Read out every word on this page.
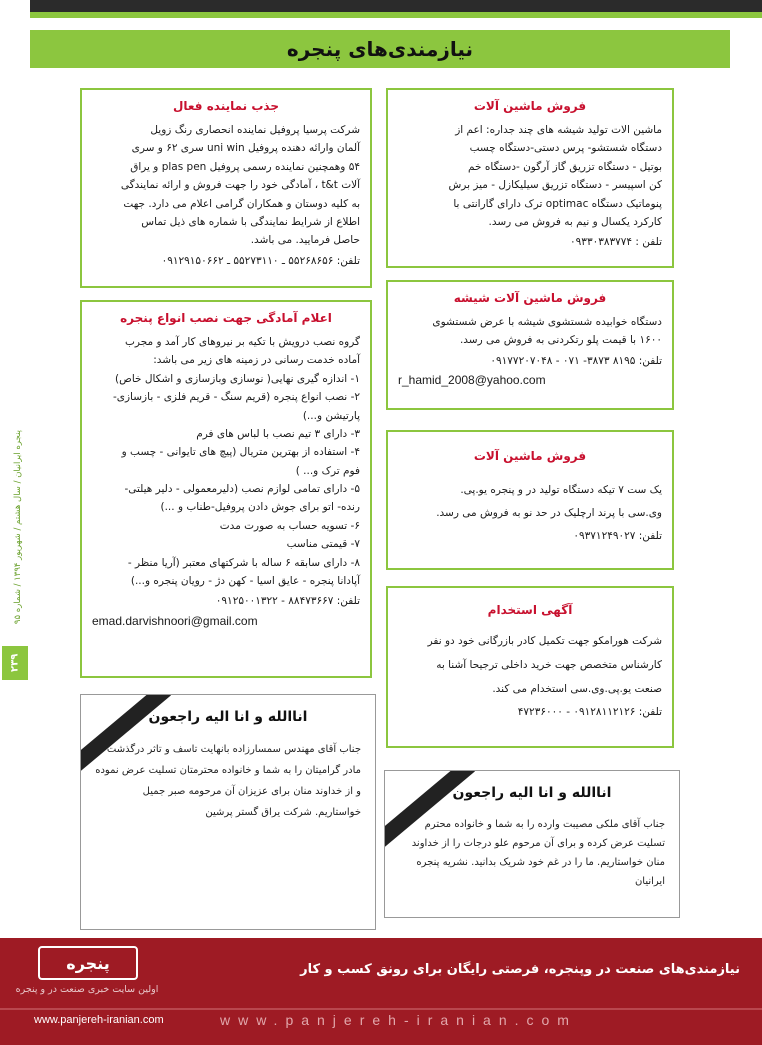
نیازمندی‌های پنجره
جذب نماینده فعال
شرکت پرسیا پروفیل نماینده انحصاری رنگ زویل
آلمان وارائه دهنده پروفیل uni win سری ۶۲ و سری
۵۴ وهمچنین نماینده رسمی پروفیل plas pen و یراق
آلات t&t ، آمادگی خود را جهت فروش و ارائه نمایندگی
به کلیه دوستان و همکاران گرامی اعلام می دارد. جهت
اطلاع از شرایط نمایندگی با شماره های ذیل تماس
حاصل فرمایید. می باشد.
تلفن: ۵۵۲۶۸۶۵۶ ـ ۵۵۲۷۳۱۱۰ ـ ۰۹۱۲۹۱۵۰۶۶۲
اعلام آمادگی جهت نصب انواع پنجره
گروه نصب درویش با تکیه بر نیروهای کار آمد و مجرب
آماده خدمت رسانی در زمینه های زیر می باشد:
۱- اندازه گیری نهایی( نوسازی وبازسازی و اشکال خاص)
۲- نصب انواع پنجره (قریم سنگ - قریم فلزی - بازسازی-
پارتیشن و...)
۳- دارای ۳ تیم نصب با لباس های فرم
۴- استفاده از بهترین متریال (پیچ های تایوانی - چسب و
فوم ترک و... )
۵- دارای تمامی لوازم نصب (دلیرمعمولی - دلیر هیلتی-
رنده- اتو برای جوش دادن پروفیل-طناب و ...)
۶- تسویه حساب به صورت مدت
۷- قیمتی مناسب
۸- دارای سابقه ۶ ساله با شرکتهای معتبر (آریا منظر -
آپادانا پنجره - عایق اسیا - کهن دژ - رویان پنجره و...)
تلفن: ۸۸۴۷۳۶۶۷ - ۰۹۱۲۵۰۰۱۳۲۲
emad.darvishnoori@gmail.com
فروش ماشین آلات
ماشین الات تولید شیشه های چند جداره: اعم از
دستگاه شستشو- پرس دستی-دستگاه چسب
بوتیل - دستگاه تزریق گاز آرگون -دستگاه خم
کن اسپیسر - دستگاه تزریق سیلیکازل - میز برش
پنوماتیک دستگاه optimac ترک دارای گارانتی با
کارکرد یکسال و نیم به فروش می رسد.
تلفن : ۰۹۳۳۰۳۸۳۷۷۴
فروش ماشین آلات شیشه
دستگاه خوابیده شستشوی شیشه با عرض شستشوی
۱۶۰۰ با قیمت پلو رتکردنی به فروش می رسد.
تلفن: ۸۱۹۵ ۳۸۷۳- ۰۷۱ - ۰۹۱۷۷۲۰۷۰۴۸
r_hamid_2008@yahoo.com
فروش ماشین آلات
یک ست ۷ تیکه دستگاه تولید در و پنجره یو.پی.
وی.سی با پرند ارچلیک در حد نو به فروش می رسد.
تلفن: ۰۹۳۷۱۲۴۹۰۲۷
آگهی استخدام
شرکت هورامکو جهت تکمیل کادر بازرگانی خود دو نفر
کارشناس متخصص جهت خرید داخلی ترجیحا آشنا به
صنعت یو.پی.وی.سی استخدام می کند.
تلفن: ۰۹۱۲۸۱۱۲۱۲۶ - ۴۷۲۳۶۰۰۰
اناالله و انا الیه راجعون
جناب آقای مهندس سمسارزاده بانهایت تاسف و تاثر درگذشت مادر گرامیتان را به شما و خانواده محترمتان تسلیت عرض نموده و از خداوند منان برای عزیزان آن مرحومه صبر جمیل خواستاریم. شرکت یراق گستر پرشین
اناالله و انا الیه راجعون
جناب آقای ملکی مصیبت وارده را به شما و خانواده محترم تسلیت عرض کرده و برای آن مرحوم علو درجات را از خداوند منان خواستاریم. ما را در غم خود شریک بدانید. نشریه پنجره ایرانیان
پنجره ایرانیان / سال هشتم / شهریور ۱۳۹۴ / شماره ۹۵
۲۳۹
پنجره
اولین سایت خبری صنعت در و پنجره
نیازمندی‌های صنعت در وپنجره، فرصتی رایگان برای رونق کسب و کار
www.panjereh-iranian.com	www.panjereh-iranian.com
